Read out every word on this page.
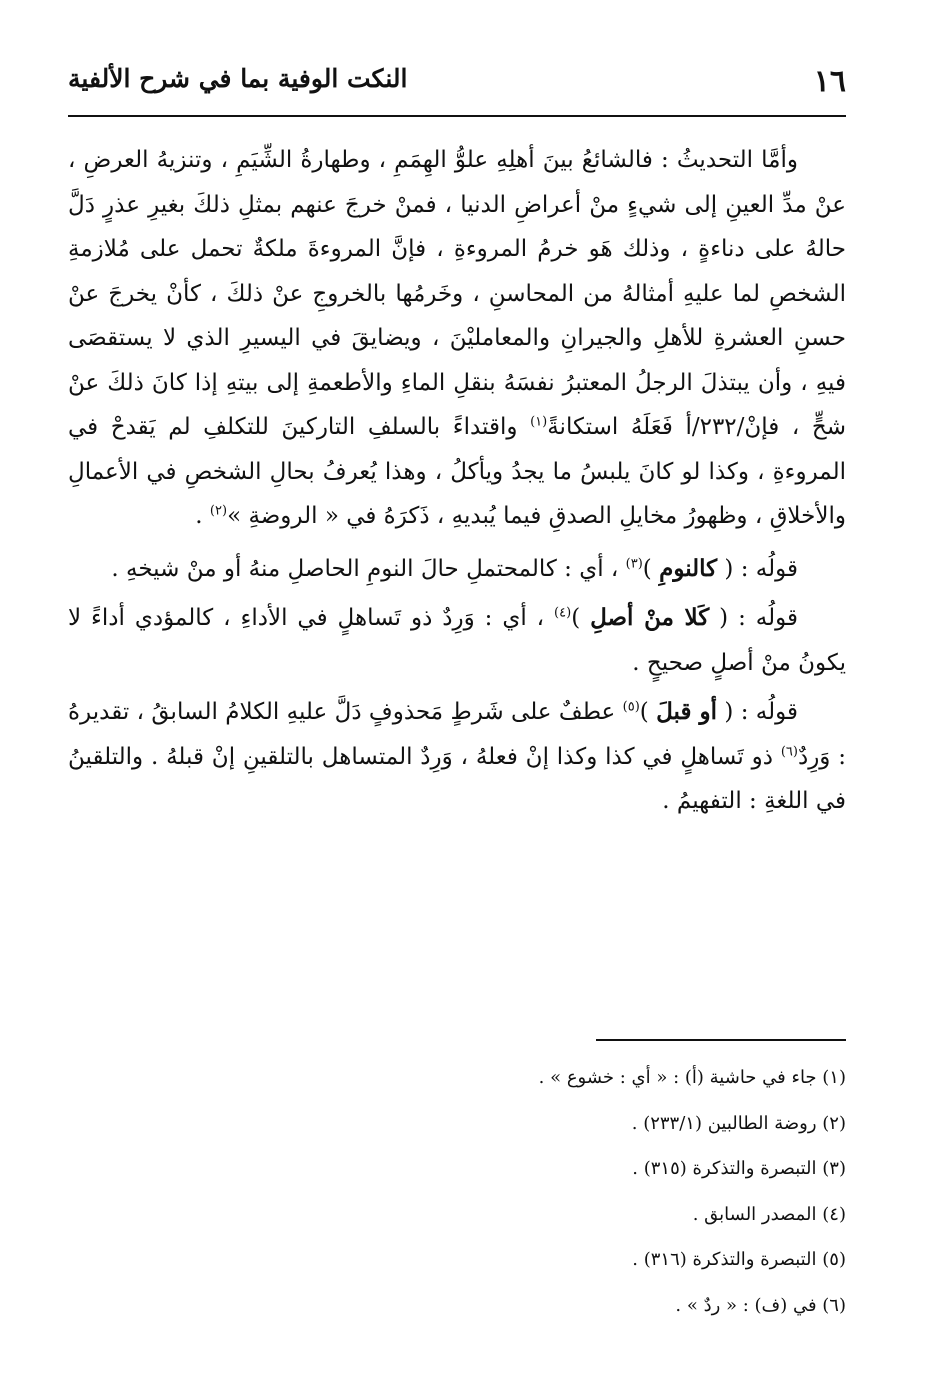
١٦
النكت الوفية بما في شرح الألفية

وأمَّا التحديثُ : فالشائعُ بينَ أهلِهِ علوُّ الهِمَمِ ، وطهارةُ الشِّيَمِ ، وتنزيهُ العرضِ ، عنْ مدِّ العينِ إلى شيءٍ منْ أعراضِ الدنيا ، فمنْ خرجَ عنهم بمثلِ ذلكَ بغيرِ عذرٍ دَلَّ حالهُ على دناءةٍ ، وذلك هَو خرمُ المروءةِ ، فإنَّ المروءةَ ملكةٌ تحمل على مُلازمةِ الشخصِ لما عليهِ أمثالهُ من المحاسنِ ، وخَرمُها بالخروجِ عنْ ذلكَ ، كأنْ يخرجَ عنْ حسنِ العشرةِ للأهلِ والجيرانِ والمعامليْنَ ، ويضايقَ في اليسيرِ الذي لا يستقصَى فيهِ ، وأن يبتذلَ الرجلُ المعتبرُ نفسَهُ بنقلِ الماءِ والأطعمةِ إلى بيتهِ إذا كانَ ذلكَ عنْ شحٍّ ، فإنْ/٢٣٢/أ فَعَلَهُ استكانةً$^{(١)}$ واقتداءً بالسلفِ التاركينَ للتكلفِ لم يَقدحْ في المروءةِ ، وكذا لو كانَ يلبسُ ما يجدُ ويأكلُ ، وهذا يُعرفُ بحالِ الشخصِ في الأعمالِ والأخلاقِ ، وظهورُ مخايلِ الصدقِ فيما يُبديهِ ، ذَكرَهُ في « الروضةِ »$^{(٢)}$ .

قولُه : ( كالنومِ )$^{(٣)}$ ، أي : كالمحتملِ حالَ النومِ الحاصلِ منهُ أو منْ شيخهِ .

قولُه : ( كَلا منْ أصلِ )$^{(٤)}$ ، أي : وَرِدٌ ذو تَساهلٍ في الأداءِ ، كالمؤدي أداءً لا يكونُ منْ أصلٍ صحيحٍ .

قولُه : ( أو قبلَ )$^{(٥)}$ عطفٌ على شَرطٍ مَحذوفٍ دَلَّ عليهِ الكلامُ السابقُ ، تقديرهُ : وَرِدٌ$^{(٦)}$ ذو تَساهلٍ في كذا وكذا إنْ فعلهُ ، وَرِدٌ المتساهل بالتلقينِ إنْ قبلهُ . والتلقينُ في اللغةِ : التفهيمُ .

(١) جاء في حاشية (أ) : « أي : خشوع » .
(٢) روضة الطالبين (٢٣٣/١) .
(٣) التبصرة والتذكرة (٣١٥) .
(٤) المصدر السابق .
(٥) التبصرة والتذكرة (٣١٦) .
(٦) في (ف) : « ردٌ » .
